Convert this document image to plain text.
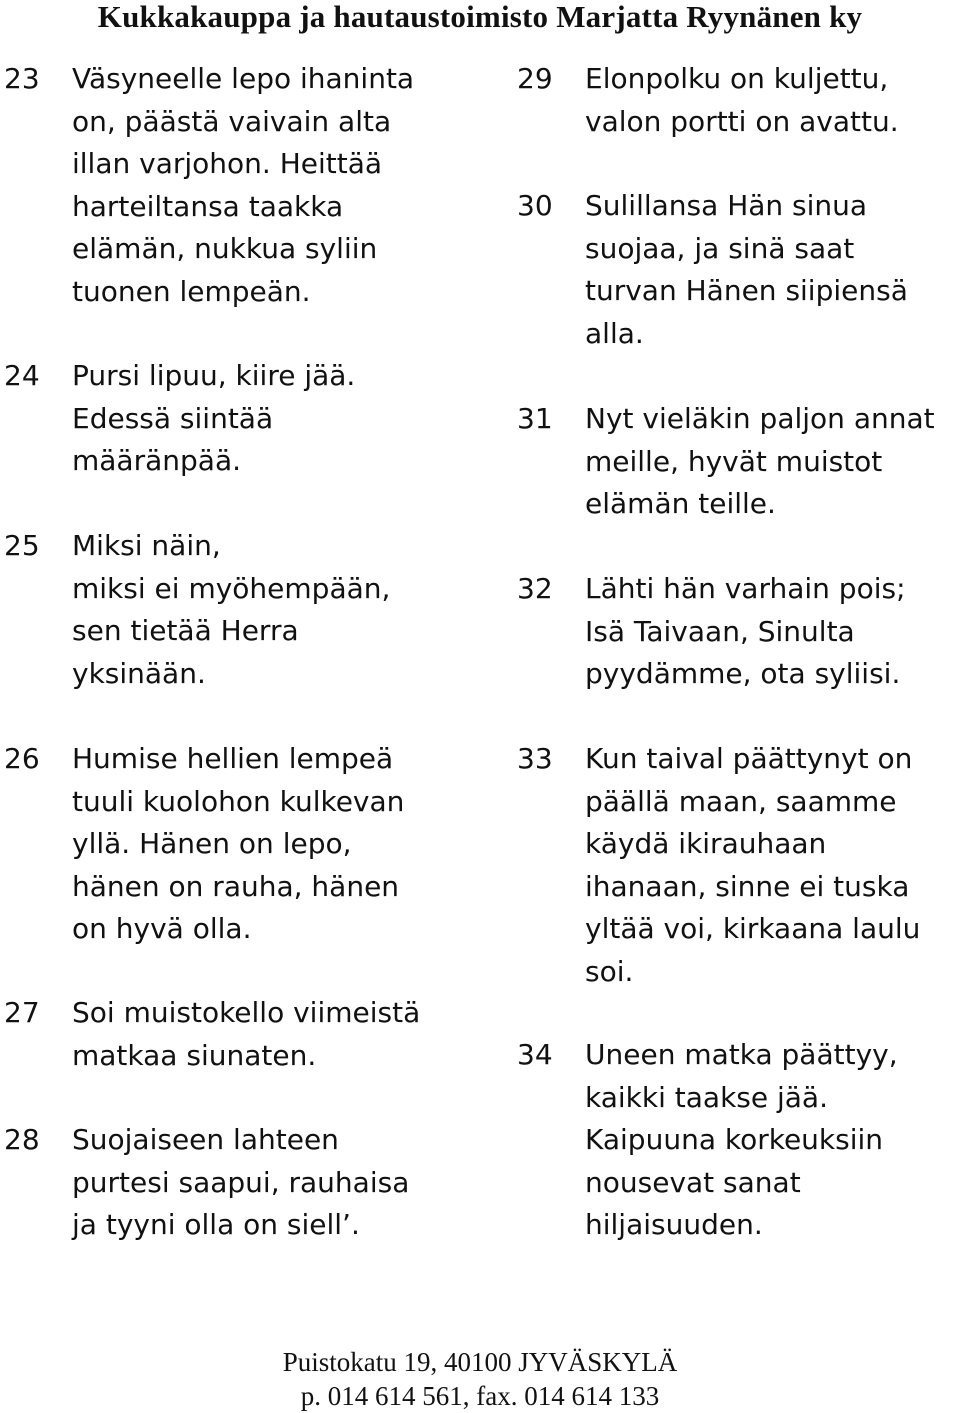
Kukkakauppa ja hautaustoimisto Marjatta Ryynänen ky
23 Väsyneelle lepo ihaninta
on, päästä vaivain alta
illan varjohon. Heittää
harteiltansa taakka
elämän, nukkua syliin
tuonen lempeän.
24 Pursi lipuu, kiire jää.
Edessä siintää
määränpää.
25 Miksi näin,
miksi ei myöhempään,
sen tietää Herra
yksinään.
26 Humise hellien lempeä
tuuli kuolohon kulkevan
yllä. Hänen on lepo,
hänen on rauha, hänen
on hyvä olla.
27 Soi muistokello viimeistä
matkaa siunaten.
28 Suojaiseen lahteen
purtesi saapui, rauhaisa
ja tyyni olla on siell’.
29 Elonpolku on kuljettu,
valon portti on avattu.
30 Sulillansa Hän sinua
suojaa, ja sinä saat
turvan Hänen siipiensä
alla.
31 Nyt vieläkin paljon annat
meille, hyvät muistot
elämän teille.
32 Lähti hän varhain pois;
Isä Taivaan, Sinulta
pyydämme, ota syliisi.
33 Kun taival päättynyt on
päällä maan, saamme
käydä ikirauhaan
ihanaan, sinne ei tuska
yltää voi, kirkaana laulu
soi.
34 Uneen matka päättyy,
kaikki taakse jää.
Kaipuuna korkeuksiin
nousevat sanat
hiljaisuuden.
Puistokatu 19, 40100 JYVÄSKYLÄ
p. 014 614 561, fax. 014 614 133
